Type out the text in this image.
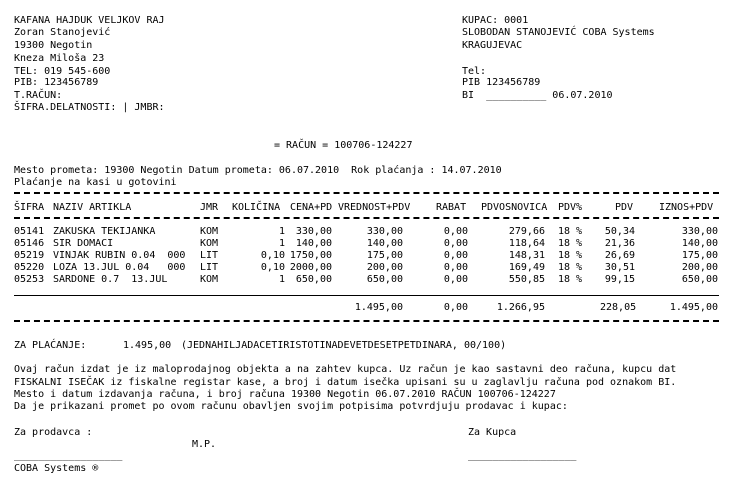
KAFANA HAJDUK VELJKOV RAJ
Zoran Stanojević
19300 Negotin
Kneza Miloša 23
TEL: 019 545-600
PIB: 123456789
T.RAČUN:
ŠIFRA.DELATNOSTI: | JMBR:
KUPAC: 0001
SLOBODAN STANOJEVIĆ COBA Systems
KRAGUJEVAC
Tel:
PIB 123456789
BI  __________ 06.07.2010
= RAČUN = 100706-124227
Mesto prometa: 19300 Negotin Datum prometa: 06.07.2010  Rok plaćanja : 14.07.2010
Plaćanje na kasi u gotovini
ŠIFRA NAZIV ARTIKLA	JMR KOLIČINA CENA+PD VREDNOST+PDV	RABAT PDVOSNOVICA PDV%	PDV	IZNOS+PDV
05141 ZAKUSKA TEKIJANKA	KOM	1	330,00	330,00	0,00	279,66 18 %	50,34	330,00
05146 SIR DOMACI	KOM	1	140,00	140,00	0,00	118,64 18 %	21,36	140,00
05219 VINJAK RUBIN 0.04  000 LIT	0,10 1750,00	175,00	0,00	148,31 18 %	26,69	175,00
05220 LOZA 13.JUL 0.04   000 LIT	0,10 2000,00	200,00	0,00	169,49 18 %	30,51	200,00
05253 SARDONE 0.7  13.JUL	KOM	1	650,00	650,00	0,00	550,85 18 %	99,15	650,00
1.495,00	0,00	1.266,95	228,05	1.495,00
ZA PLAĆANJE:	1.495,00 (JEDNAHILJADACETIRISTOTINADEVETDESETPETDINARA, 00/100)
Ovaj račun izdat je iz maloprodajnog objekta a na zahtev kupca. Uz račun je kao sastavni deo računa, kupcu dat
FISKALNI ISEČAK iz fiskalne registar kase, a broj i datum isečka upisani su u zaglavlju računa pod oznakom BI.
Mesto i datum izdavanja računa, i broj računa 19300 Negotin 06.07.2010 RAČUN 100706-124227
Da je prikazani promet po ovom računu obavljen svojim potpisima potvrdjuju prodavac i kupac:
Za prodavca :	Za Kupca
M.P.
__________________	__________________
COBA Systems ®
